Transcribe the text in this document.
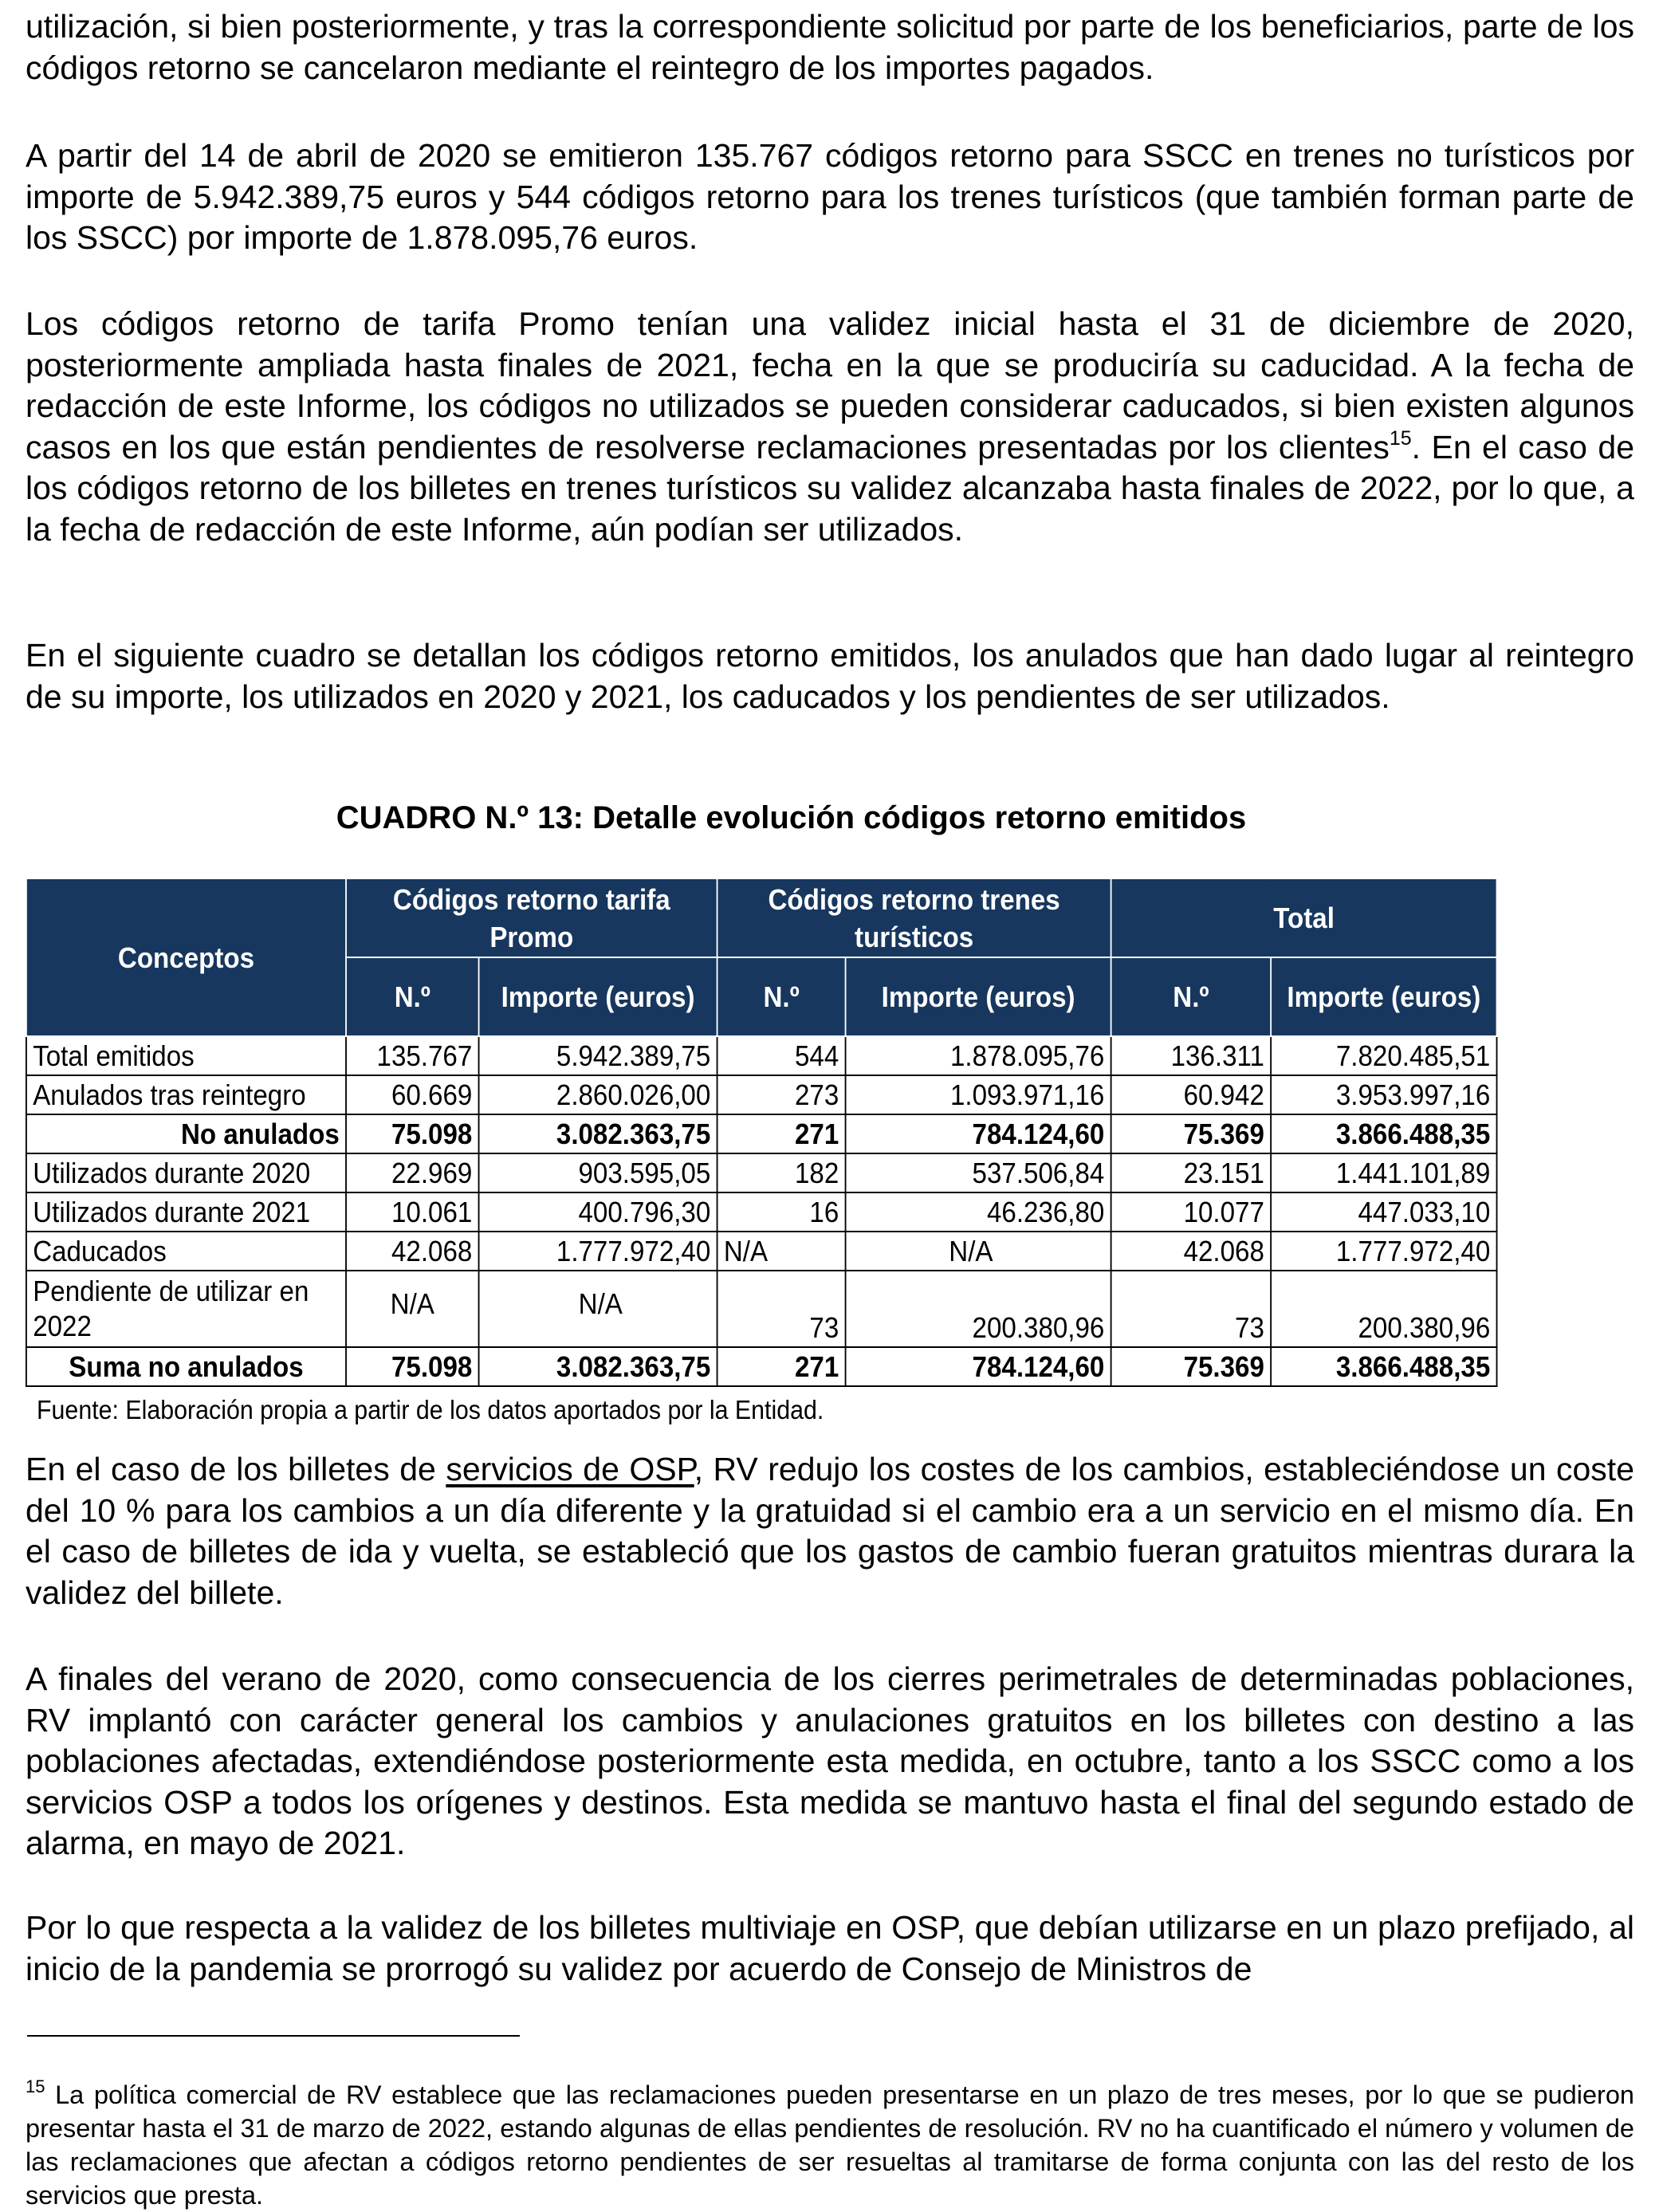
utilización, si bien posteriormente, y tras la correspondiente solicitud por parte de los beneficiarios, parte de los códigos retorno se cancelaron mediante el reintegro de los importes pagados.

A partir del 14 de abril de 2020 se emitieron 135.767 códigos retorno para SSCC en trenes no turísticos por importe de 5.942.389,75 euros y 544 códigos retorno para los trenes turísticos (que también forman parte de los SSCC) por importe de 1.878.095,76 euros.

Los códigos retorno de tarifa Promo tenían una validez inicial hasta el 31 de diciembre de 2020, posteriormente ampliada hasta finales de 2021, fecha en la que se produciría su caducidad. A la fecha de redacción de este Informe, los códigos no utilizados se pueden considerar caducados, si bien existen algunos casos en los que están pendientes de resolverse reclamaciones presentadas por los clientes$^{15}$. En el caso de los códigos retorno de los billetes en trenes turísticos su validez alcanzaba hasta finales de 2022, por lo que, a la fecha de redacción de este Informe, aún podían ser utilizados.

En el siguiente cuadro se detallan los códigos retorno emitidos, los anulados que han dado lugar al reintegro de su importe, los utilizados en 2020 y 2021, los caducados y los pendientes de ser utilizados.

CUADRO N.º 13: Detalle evolución códigos retorno emitidos
Conceptos	Códigos retorno tarifa Promo		Códigos retorno trenes turísticos		Total	
	N.º	Importe (euros)	N.º	Importe (euros)	N.º	Importe (euros)
Total emitidos	135.767	5.942.389,75	544	1.878.095,76	136.311	7.820.485,51
Anulados tras reintegro	60.669	2.860.026,00	273	1.093.971,16	60.942	3.953.997,16
No anulados	75.098	3.082.363,75	271	784.124,60	75.369	3.866.488,35
Utilizados durante 2020	22.969	903.595,05	182	537.506,84	23.151	1.441.101,89
Utilizados durante 2021	10.061	400.796,30	16	46.236,80	10.077	447.033,10
Caducados	42.068	1.777.972,40	N/A	N/A	42.068	1.777.972,40
Pendiente de utilizar en 2022	N/A	N/A	73	200.380,96	73	200.380,96
Suma no anulados	75.098	3.082.363,75	271	784.124,60	75.369	3.866.488,35
Fuente: Elaboración propia a partir de los datos aportados por la Entidad.

En el caso de los billetes de servicios de OSP, RV redujo los costes de los cambios, estableciéndose un coste del 10 % para los cambios a un día diferente y la gratuidad si el cambio era a un servicio en el mismo día. En el caso de billetes de ida y vuelta, se estableció que los gastos de cambio fueran gratuitos mientras durara la validez del billete.

A finales del verano de 2020, como consecuencia de los cierres perimetrales de determinadas poblaciones, RV implantó con carácter general los cambios y anulaciones gratuitos en los billetes con destino a las poblaciones afectadas, extendiéndose posteriormente esta medida, en octubre, tanto a los SSCC como a los servicios OSP a todos los orígenes y destinos. Esta medida se mantuvo hasta el final del segundo estado de alarma, en mayo de 2021.

Por lo que respecta a la validez de los billetes multiviaje en OSP, que debían utilizarse en un plazo prefijado, al inicio de la pandemia se prorrogó su validez por acuerdo de Consejo de Ministros de

$^{15}$ La política comercial de RV establece que las reclamaciones pueden presentarse en un plazo de tres meses, por lo que se pudieron presentar hasta el 31 de marzo de 2022, estando algunas de ellas pendientes de resolución. RV no ha cuantificado el número y volumen de las reclamaciones que afectan a códigos retorno pendientes de ser resueltas al tramitarse de forma conjunta con las del resto de los servicios que presta.
